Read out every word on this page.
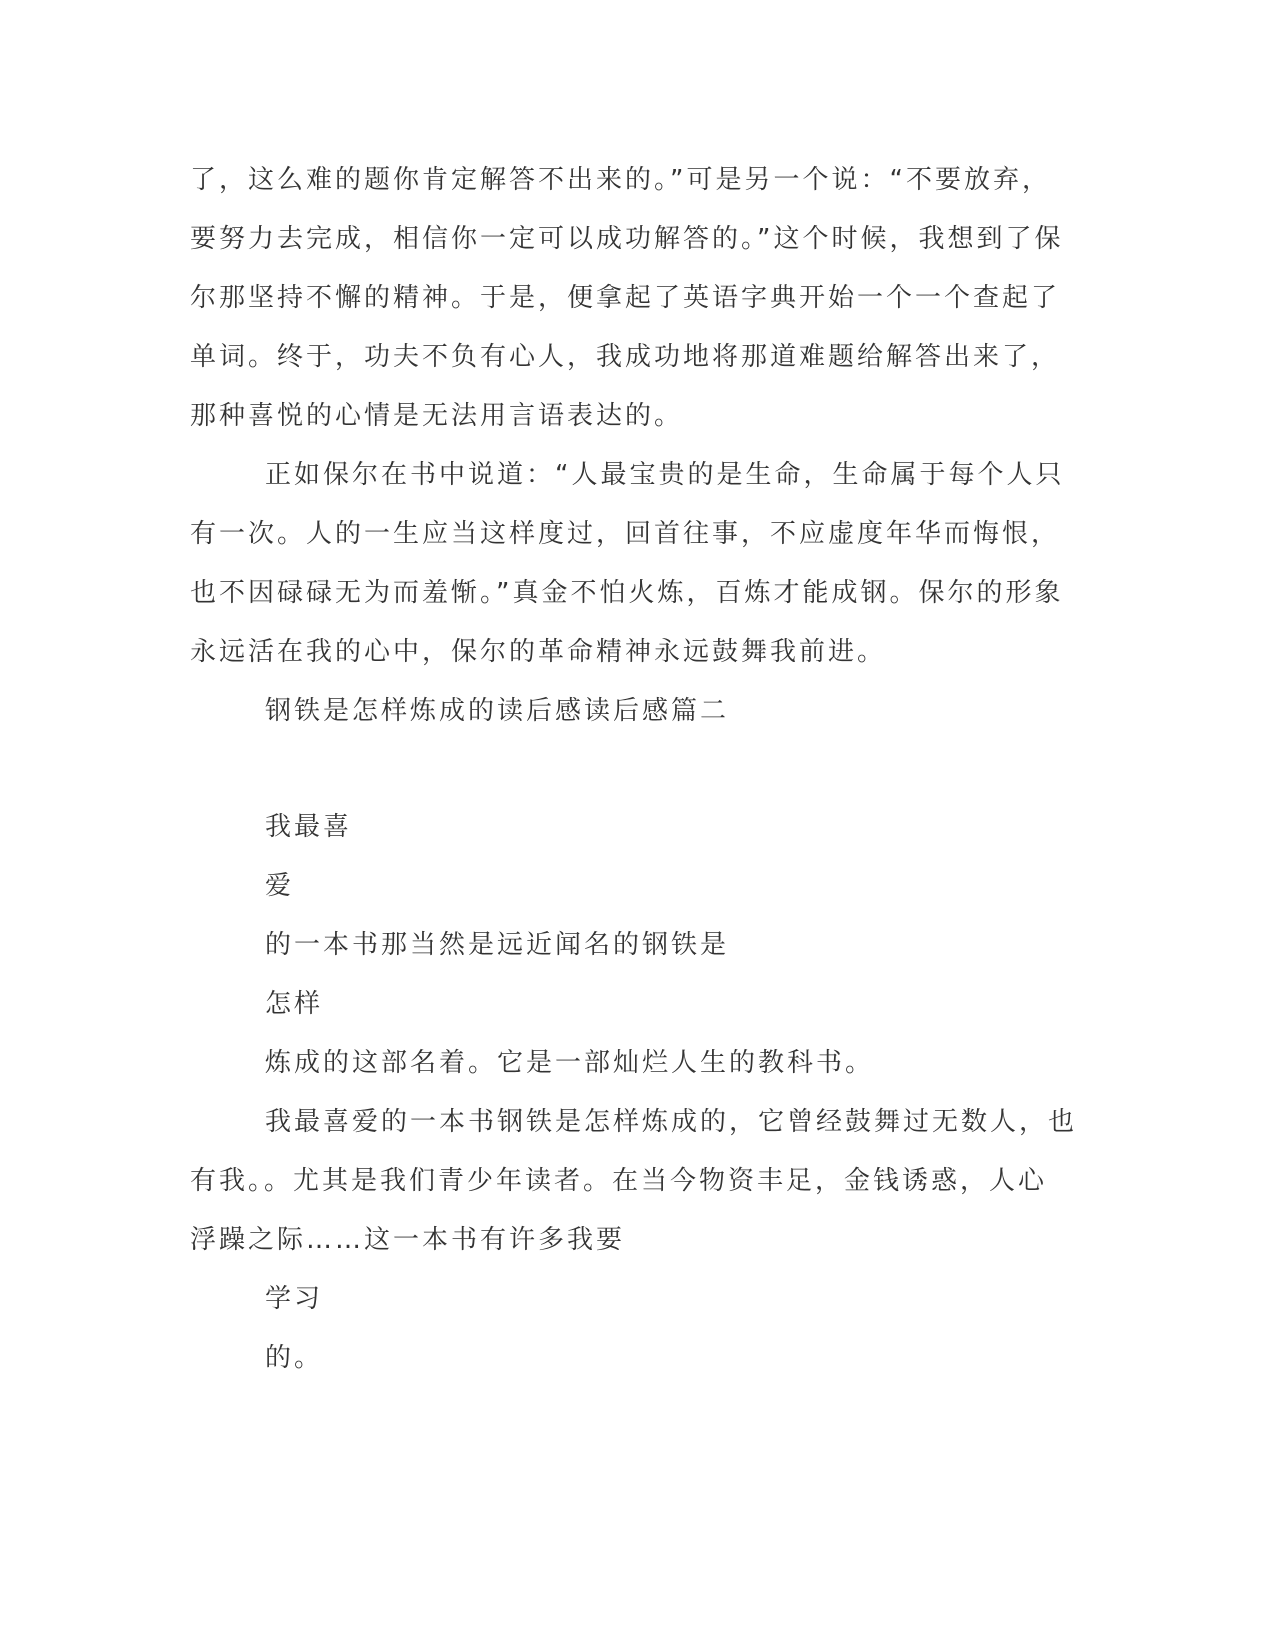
了，这么难的题你肯定解答不出来的。”可是另一个说：“不要放弃，
要努力去完成，相信你一定可以成功解答的。”这个时候，我想到了保
尔那坚持不懈的精神。于是，便拿起了英语字典开始一个一个查起了
单词。终于，功夫不负有心人，我成功地将那道难题给解答出来了，
那种喜悦的心情是无法用言语表达的。
正如保尔在书中说道：“人最宝贵的是生命，生命属于每个人只
有一次。人的一生应当这样度过，回首往事，不应虚度年华而悔恨，
也不因碌碌无为而羞惭。”真金不怕火炼，百炼才能成钢。保尔的形象
永远活在我的心中，保尔的革命精神永远鼓舞我前进。
钢铁是怎样炼成的读后感读后感篇二
我最喜
爱
的一本书那当然是远近闻名的钢铁是
怎样
炼成的这部名着。它是一部灿烂人生的教科书。
我最喜爱的一本书钢铁是怎样炼成的，它曾经鼓舞过无数人，也
有我。。尤其是我们青少年读者。在当今物资丰足，金钱诱惑，人心
浮躁之际……这一本书有许多我要
学习
的。
